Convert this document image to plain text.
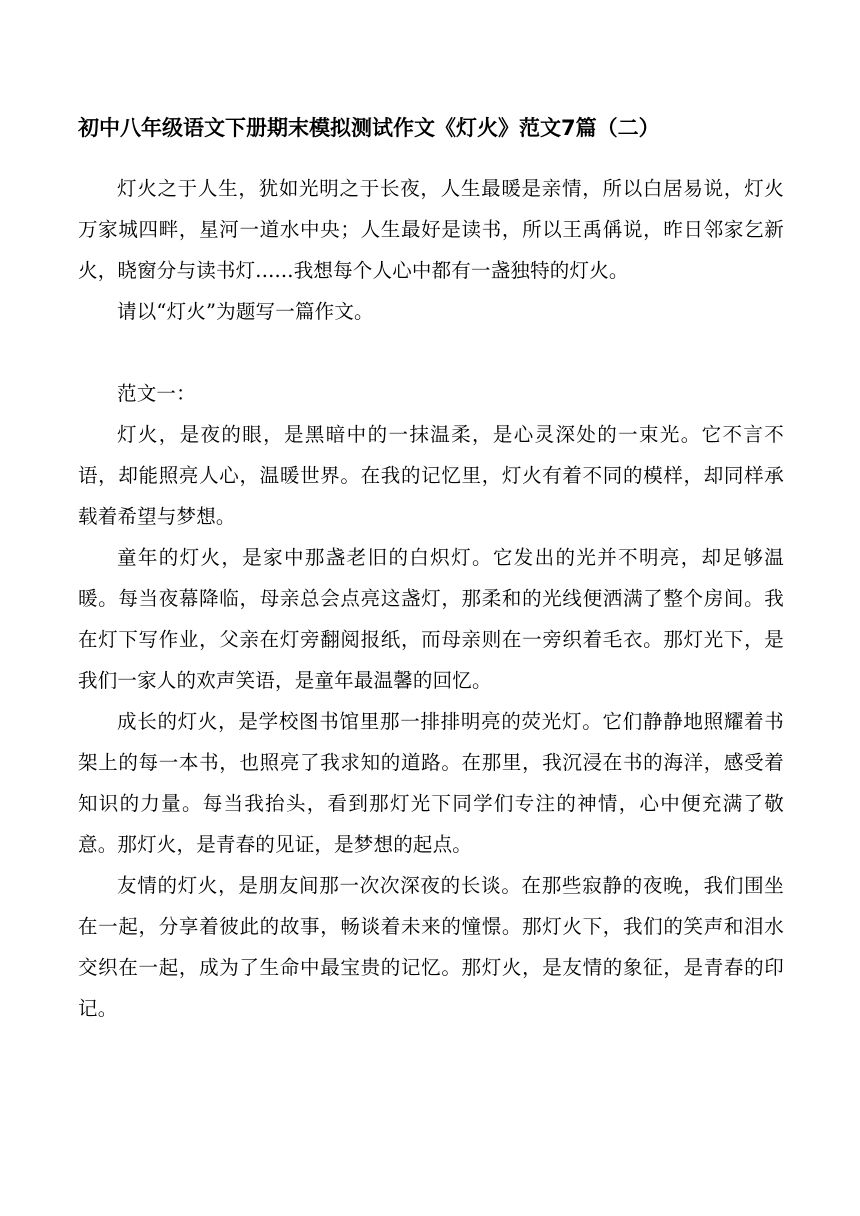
初中八年级语文下册期末模拟测试作文《灯火》范文7篇（二）

灯火之于人生，犹如光明之于长夜，人生最暖是亲情，所以白居易说，灯火万家城四畔，星河一道水中央；人生最好是读书，所以王禹偁说，昨日邻家乞新火，晓窗分与读书灯......我想每个人心中都有一盏独特的灯火。

请以“灯火”为题写一篇作文。

范文一：

灯火，是夜的眼，是黑暗中的一抹温柔，是心灵深处的一束光。它不言不语，却能照亮人心，温暖世界。在我的记忆里，灯火有着不同的模样，却同样承载着希望与梦想。

童年的灯火，是家中那盏老旧的白炽灯。它发出的光并不明亮，却足够温暖。每当夜幕降临，母亲总会点亮这盏灯，那柔和的光线便洒满了整个房间。我在灯下写作业，父亲在灯旁翻阅报纸，而母亲则在一旁织着毛衣。那灯光下，是我们一家人的欢声笑语，是童年最温馨的回忆。

成长的灯火，是学校图书馆里那一排排明亮的荧光灯。它们静静地照耀着书架上的每一本书，也照亮了我求知的道路。在那里，我沉浸在书的海洋，感受着知识的力量。每当我抬头，看到那灯光下同学们专注的神情，心中便充满了敬意。那灯火，是青春的见证，是梦想的起点。

友情的灯火，是朋友间那一次次深夜的长谈。在那些寂静的夜晚，我们围坐在一起，分享着彼此的故事，畅谈着未来的憧憬。那灯火下，我们的笑声和泪水交织在一起，成为了生命中最宝贵的记忆。那灯火，是友情的象征，是青春的印记。
